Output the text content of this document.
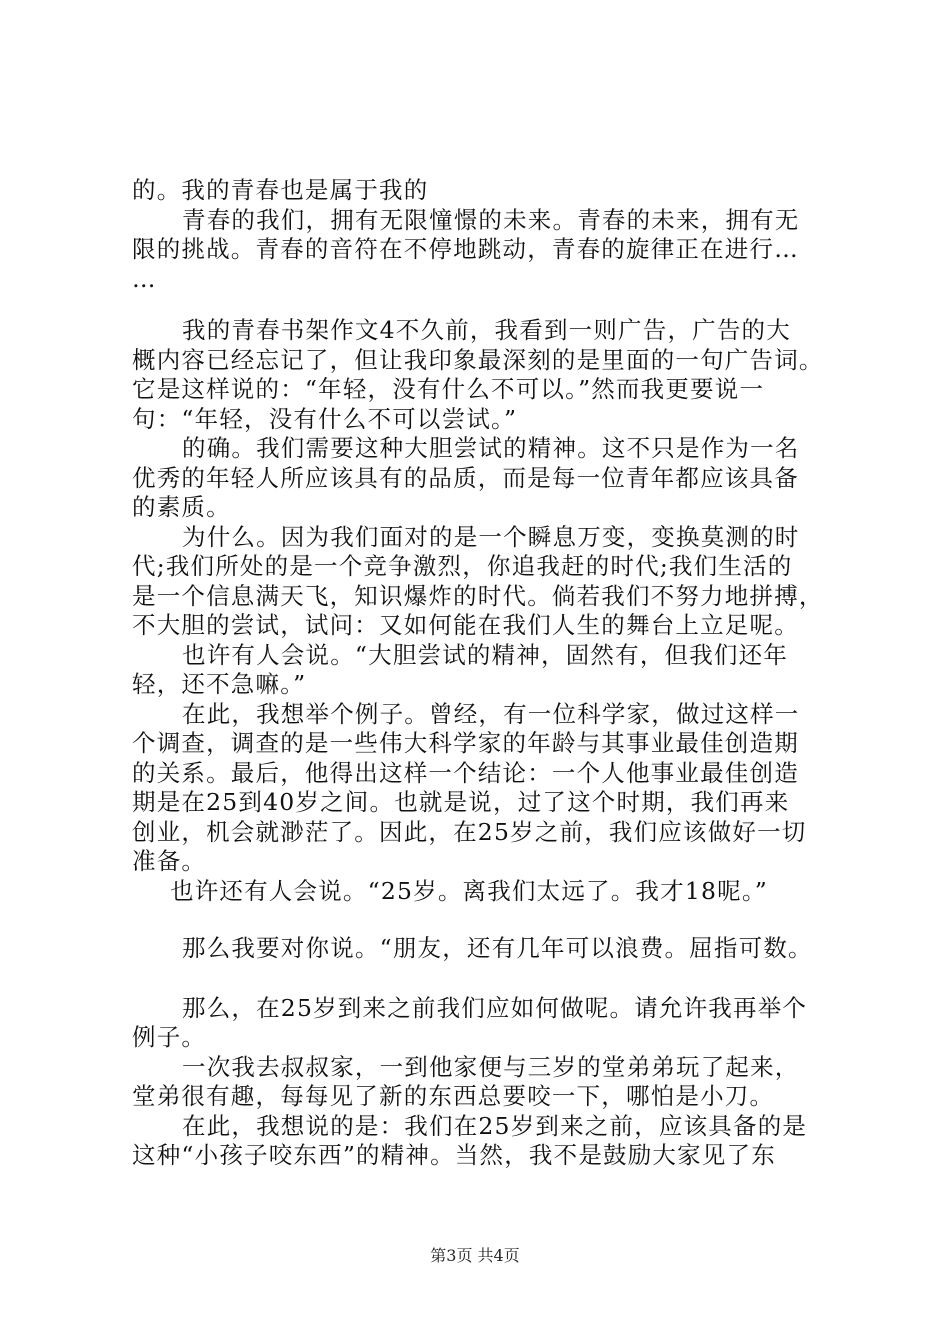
的。我的青春也是属于我的
青春的我们，拥有无限憧憬的未来。青春的未来，拥有无
限的挑战。青春的音符在不停地跳动，青春的旋律正在进行…
…
我的青春书架作文4不久前，我看到一则广告，广告的大
概内容已经忘记了，但让我印象最深刻的是里面的一句广告词。
它是这样说的：“年轻，没有什么不可以。”然而我更要说一
句：“年轻，没有什么不可以尝试。”
的确。我们需要这种大胆尝试的精神。这不只是作为一名
优秀的年轻人所应该具有的品质，而是每一位青年都应该具备
的素质。
为什么。因为我们面对的是一个瞬息万变，变换莫测的时
代;我们所处的是一个竞争激烈，你追我赶的时代;我们生活的
是一个信息满天飞，知识爆炸的时代。倘若我们不努力地拼搏，
不大胆的尝试，试问：又如何能在我们人生的舞台上立足呢。
也许有人会说。“大胆尝试的精神，固然有，但我们还年
轻，还不急嘛。”
在此，我想举个例子。曾经，有一位科学家，做过这样一
个调查，调查的是一些伟大科学家的年龄与其事业最佳创造期
的关系。最后，他得出这样一个结论：一个人他事业最佳创造
期是在25到40岁之间。也就是说，过了这个时期，我们再来
创业，机会就渺茫了。因此，在25岁之前，我们应该做好一切
准备。
也许还有人会说。“25岁。离我们太远了。我才18呢。”
那么我要对你说。“朋友，还有几年可以浪费。屈指可数。
那么，在25岁到来之前我们应如何做呢。请允许我再举个
例子。
一次我去叔叔家，一到他家便与三岁的堂弟弟玩了起来，
堂弟很有趣，每每见了新的东西总要咬一下，哪怕是小刀。
在此，我想说的是：我们在25岁到来之前，应该具备的是
这种“小孩子咬东西”的精神。当然，我不是鼓励大家见了东
第3页 共4页
